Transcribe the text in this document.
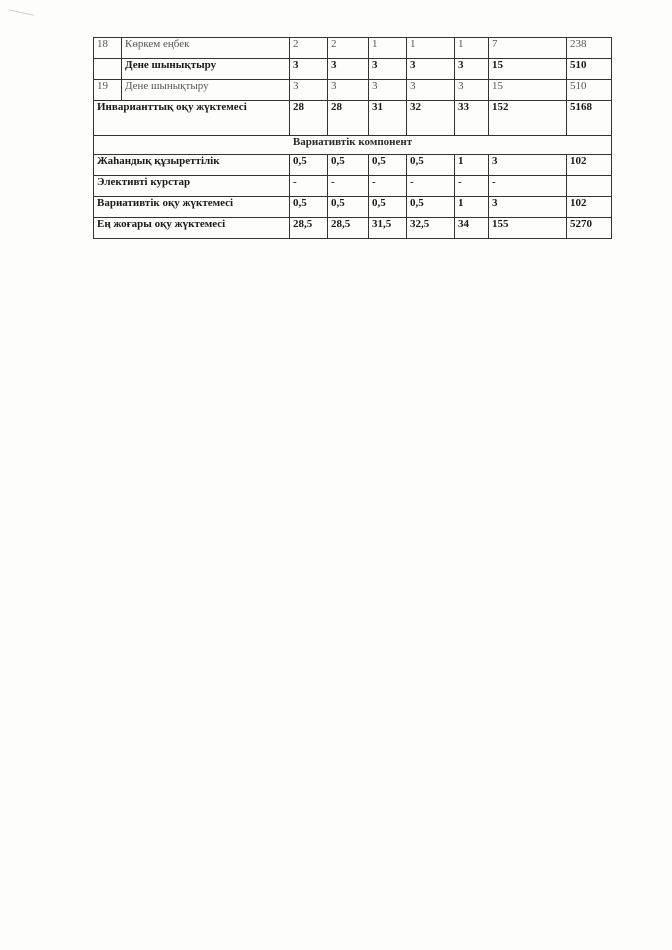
18	Көркем еңбек	2	2	1	1	1	7	238
	Дене шынықтыру	3	3	3	3	3	15	510
19	Дене шынықтыру	3	3	3	3	3	15	510
Инварианттық оқу жүктемесі		28	28	31	32	33	152	5168
Вариативтік компонент								
Жаһандық құзыреттілік		0,5	0,5	0,5	0,5	1	3	102
Элективті курстар		-	-	-	-	-	-	
Вариативтік оқу жүктемесі		0,5	0,5	0,5	0,5	1	3	102
Ең жоғары оқу жүктемесі		28,5	28,5	31,5	32,5	34	155	5270
